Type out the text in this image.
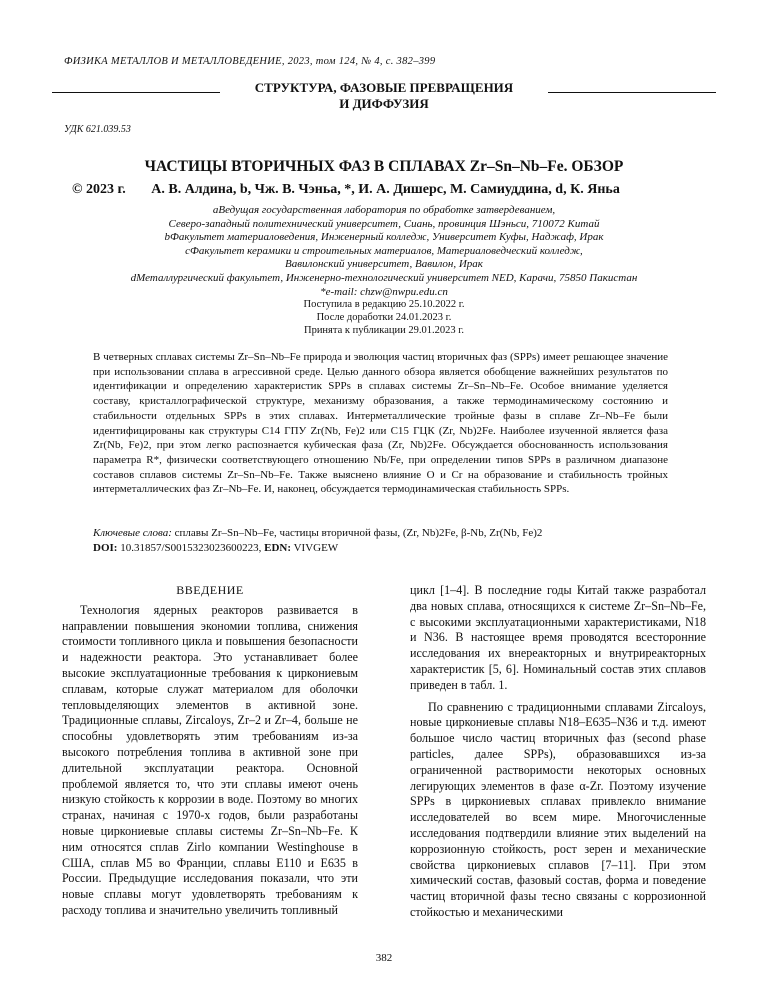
ФИЗИКА МЕТАЛЛОВ И МЕТАЛЛОВЕДЕНИЕ, 2023, том 124, № 4, с. 382–399
СТРУКТУРА, ФАЗОВЫЕ ПРЕВРАЩЕНИЯ
И ДИФФУЗИЯ
УДК 621.039.53
ЧАСТИЦЫ ВТОРИЧНЫХ ФАЗ В СПЛАВАХ Zr–Sn–Nb–Fe. ОБЗОР
© 2023 г. А. В. Алдинa, b, Чж. В. Чэньa, *, И. А. Дишерc, М. Самиуддинa, d, К. Яньa
aВедущая государственная лаборатория по обработке затвердеванием,
Северо-западный политехнический университет, Сиань, провинция Шэньси, 710072 Китай
bФакультет материаловедения, Инженерный колледж, Университет Куфы, Наджаф, Ирак
cФакультет керамики и строительных материалов, Материаловедческий колледж,
Вавилонский университет, Вавилон, Ирак
dМеталлургический факультет, Инженерно-технологический университет NED, Карачи, 75850 Пакистан
*e-mail: chzw@nwpu.edu.cn
Поступила в редакцию 25.10.2022 г.
После доработки 24.01.2023 г.
Принята к публикации 29.01.2023 г.
В четверных сплавах системы Zr–Sn–Nb–Fe природа и эволюция частиц вторичных фаз (SPPs) имеет решающее значение при использовании сплава в агрессивной среде. Целью данного обзора является обобщение важнейших результатов по идентификации и определению характеристик SPPs в сплавах системы Zr–Sn–Nb–Fe. Особое внимание уделяется составу, кристаллографической структуре, механизму образования, а также термодинамическому состоянию и стабильности отдельных SPPs в этих сплавах. Интерметаллические тройные фазы в сплаве Zr–Nb–Fe были идентифицированы как структуры C14 ГПУ Zr(Nb, Fe)2 или C15 ГЦК (Zr, Nb)2Fe. Наиболее изученной является фаза Zr(Nb, Fe)2, при этом легко распознается кубическая фаза (Zr, Nb)2Fe. Обсуждается обоснованность использования параметра R*, физически соответствующего отношению Nb/Fe, при определении типов SPPs в различном диапазоне составов сплавов системы Zr–Sn–Nb–Fe. Также выяснено влияние O и Cr на образование и стабильность тройных интерметаллических фаз Zr–Nb–Fe. И, наконец, обсуждается термодинамическая стабильность SPPs.
Ключевые слова: сплавы Zr–Sn–Nb–Fe, частицы вторичной фазы, (Zr, Nb)2Fe, β-Nb, Zr(Nb, Fe)2
DOI: 10.31857/S0015323023600223, EDN: VIVGEW
ВВЕДЕНИЕ

Технология ядерных реакторов развивается в направлении повышения экономии топлива, снижения стоимости топливного цикла и повышения безопасности и надежности реактора. Это устанавливает более высокие эксплуатационные требования к циркониевым сплавам, которые служат материалом для оболочки тепловыделяющих элементов в активной зоне. Традиционные сплавы, Zircaloys, Zr–2 и Zr–4, больше не способны удовлетворять этим требованиям из-за высокого потребления топлива в активной зоне при длительной эксплуатации реактора. Основной проблемой является то, что эти сплавы имеют очень низкую стойкость к коррозии в воде. Поэтому во многих странах, начиная с 1970-х годов, были разработаны новые циркониевые сплавы системы Zr–Sn–Nb–Fe. К ним относятся сплав Zirlo компании Westinghouse в США, сплав M5 во Франции, сплавы E110 и E635 в России. Предыдущие исследования показали, что эти новые сплавы могут удовлетворять требованиям к расходу топлива и значительно увеличить топливный

цикл [1–4]. В последние годы Китай также разработал два новых сплава, относящихся к системе Zr–Sn–Nb–Fe, с высокими эксплуатационными характеристиками, N18 и N36. В настоящее время проводятся всесторонние исследования их внереакторных и внутриреакторных характеристик [5, 6]. Номинальный состав этих сплавов приведен в табл. 1.

По сравнению с традиционными сплавами Zircaloys, новые циркониевые сплавы N18–E635–N36 и т.д. имеют большое число частиц вторичных фаз (second phase particles, далее SPPs), образовавшихся из-за ограниченной растворимости некоторых основных легирующих элементов в фазе α-Zr. Поэтому изучение SPPs в циркониевых сплавах привлекло внимание исследователей во всем мире. Многочисленные исследования подтвердили влияние этих выделений на коррозионную стойкость, рост зерен и механические свойства циркониевых сплавов [7–11]. При этом химический состав, фазовый состав, форма и поведение частиц вторичной фазы тесно связаны с коррозионной стойкостью и механическими

382
